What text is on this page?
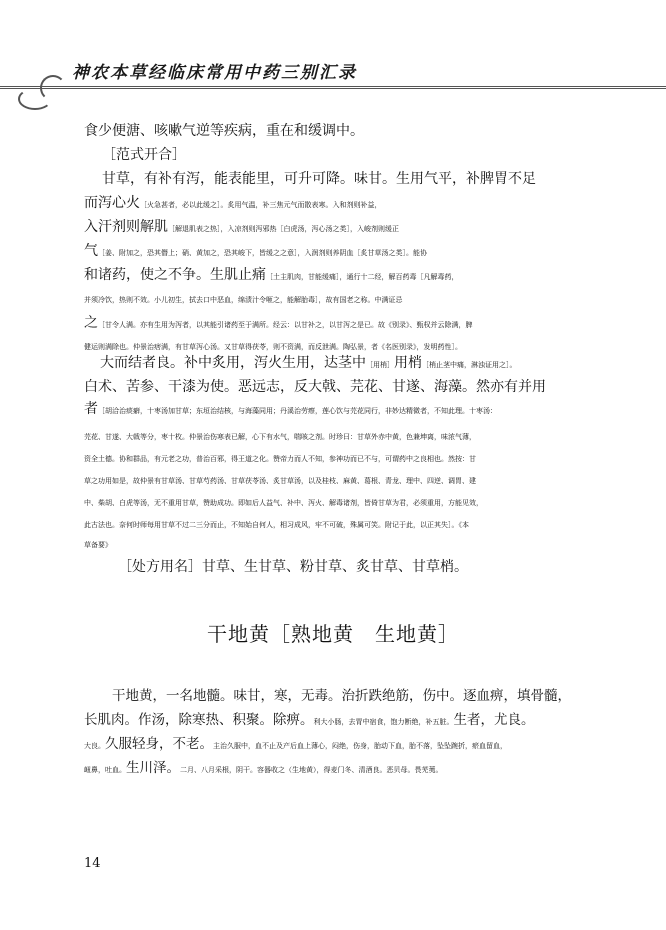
神农本草经临床常用中药三别汇录
食少便溏、咳嗽气逆等疾病，重在和缓调中。
［范式开合］
甘草，有补有泻，能表能里，可升可降。味甘。生用气平，补脾胃不足
而泻心火［火急甚者，必以此缓之］。炙用气温，补三焦元气而散表寒。入和剂则补益，
入汗剂则解肌［解退肌表之热］，入凉剂则泻邪热［白虎汤，泻心汤之类］，入峻剂则缓正
气［姜、附加之，恐其僭上；硝、黄加之，恐其峻下，皆缓之之意］，入润剂则养阴血［炙甘草汤之类］。能协
和诸药，使之不争。生肌止痛［土主肌肉，甘能缓痛］，通行十二经，解百药毒［凡解毒药，
并须冷饮，热则不效。小儿初生，拭去口中恶血，绵渍汁令咂之，能解胎毒］，故有国老之称。中满证忌
之［甘令人满。亦有生用为泻者，以其能引诸药至于满所。经云：以甘补之，以甘泻之是已。故《别录》、甄权并云除满，脾
健运则满除也。仲景治痞满，有甘草泻心汤。又甘草得茯苓，则不资满，而反泄满。陶弘景，者《名医别录》，发明药性］。
大而结者良。补中炙用，泻火生用，达茎中［用梢］用梢［梢止茎中痛，淋浊证用之］。
白术、苦参、干漆为使。恶远志，反大戟、芫花、甘遂、海藻。然亦有并用
者［胡洽治痰癖，十枣汤加甘草；东垣治结核，与海藻同用；丹溪治劳瘵，莲心饮与芫花同行，非妙达精微者，不知此理。十枣汤：
芫花、甘遂、大戟等分，枣十枚。仲景治伤寒表已解，心下有水气，喘咳之剂。时珍曰：甘草外赤中黄，色兼坤离，味浓气薄，
资全土德。协和群品，有元老之功，普治百邪，得王道之化。赞帝力而人不知，参神功而已不与，可谓药中之良相也。然按：甘
草之功用如是，故仲景有甘草汤、甘草芍药汤、甘草茯苓汤、炙甘草汤，以及桂枝、麻黄、葛根、青龙、理中、四逆、调胃、建
中、柴胡、白虎等汤，无不重用甘草，赞助成功。即如后人益气、补中、泻火、解毒诸剂，皆倚甘草为君，必须重用，方能见效，
此古法也。奈何时师每用甘草不过二三分而止，不知始自何人，相习成风，牢不可破，殊属可笑。附记于此，以正其失］。《本
草备要》
［处方用名］甘草、生甘草、粉甘草、炙甘草、甘草梢。
干地黄［熟地黄　生地黄］
干地黄，一名地髓。味甘，寒，无毒。治折跌绝筋，伤中。逐血痹，填骨髓，
长肌肉。作汤，除寒热、积聚。除痹。利大小肠，去胃中宿食，饱力断绝，补五脏。生者，尤良。
大良。久服轻身，不老。主治久服中，血不止及产后血上薄心，闷绝，伤身，胎动下血，胎不落，坠坠踠折，瘀血留血，
衄鼻，吐血。生川泽。二月、八月采根，阴干。容器收之（生地黄），得麦门冬、清酒良。恶贝母。畏芜荑。
14
